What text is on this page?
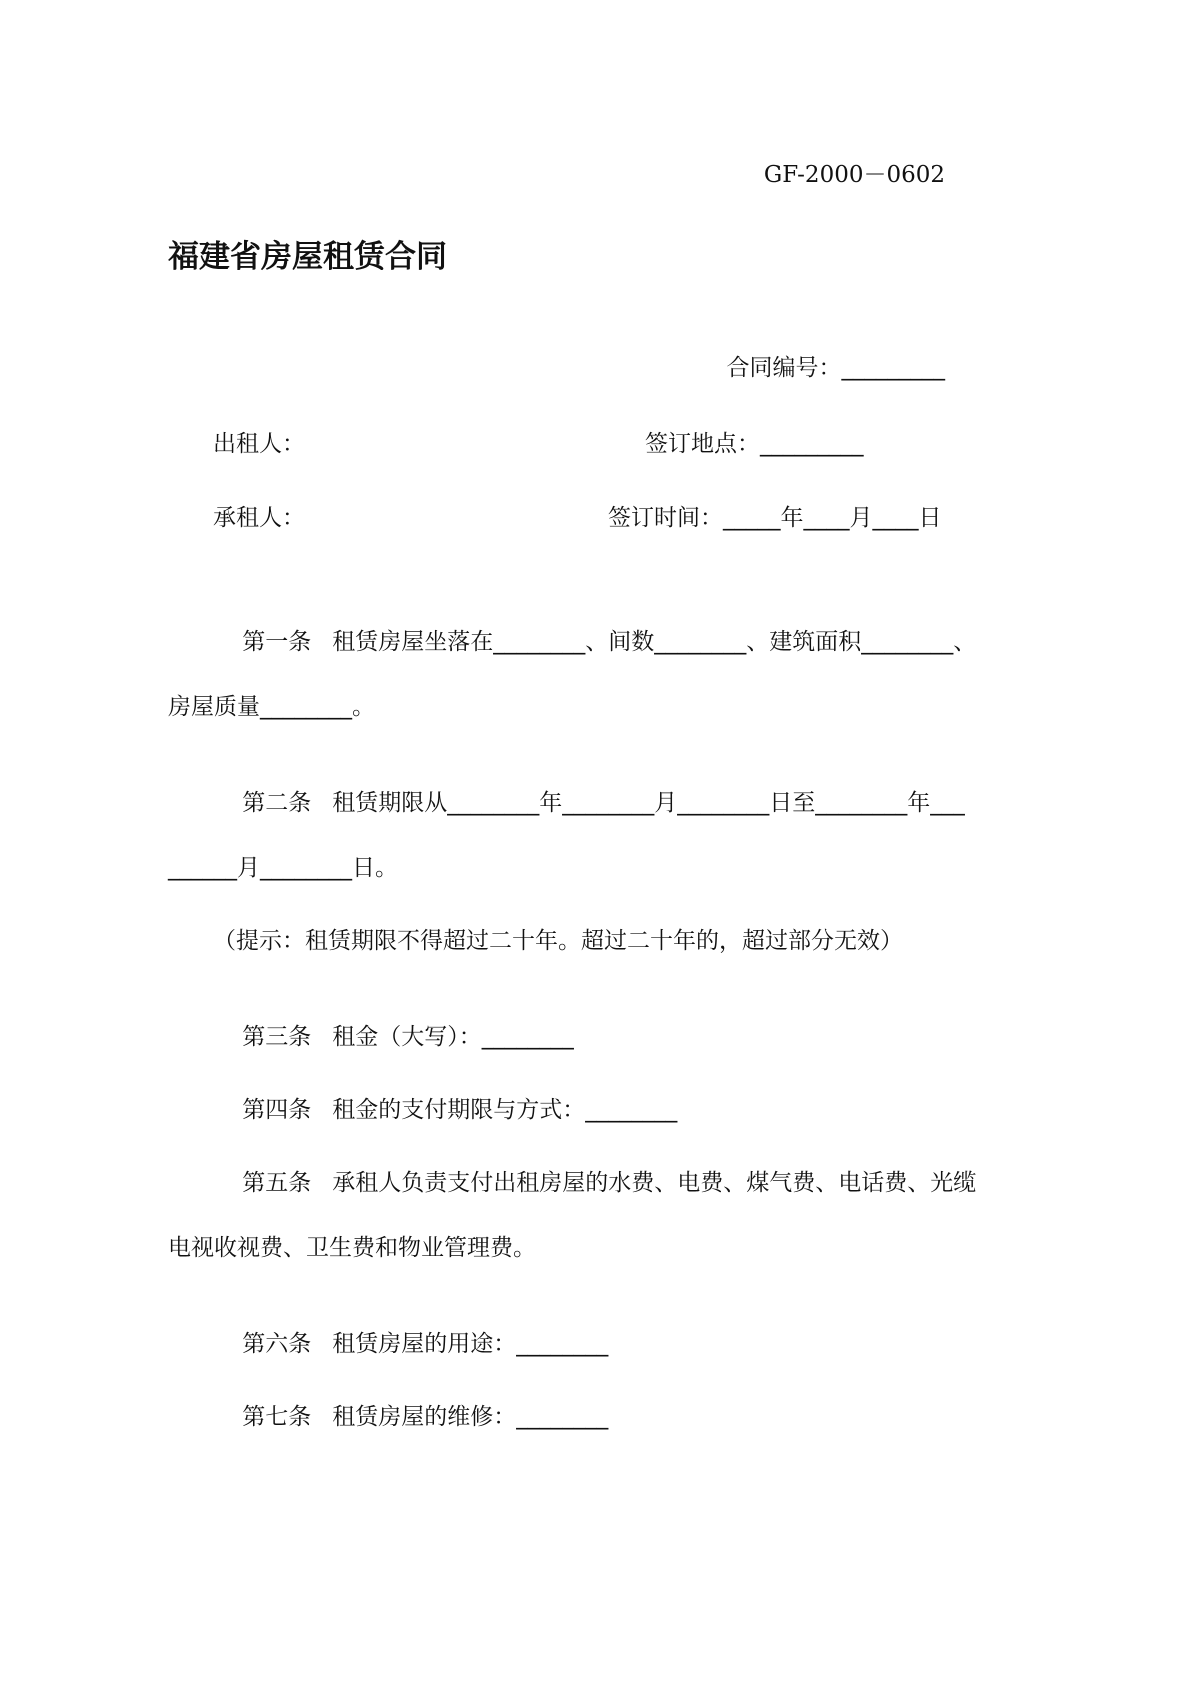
GF-2000－0602
福建省房屋租赁合同
合同编号：_________
出租人：	签订地点：_________
承租人：	签订时间：_____年____月____日

第一条 租赁房屋坐落在________、间数________、建筑面积________、

房屋质量________。

第二条 租赁期限从________年________月________日至________年___

______月________日。
（提示：租赁期限不得超过二十年。超过二十年的，超过部分无效）

第三条 租金（大写）：________

第四条 租金的支付期限与方式：________

第五条 承租人负责支付出租房屋的水费、电费、煤气费、电话费、光缆

电视收视费、卫生费和物业管理费。

第六条 租赁房屋的用途：________

第七条 租赁房屋的维修：________
